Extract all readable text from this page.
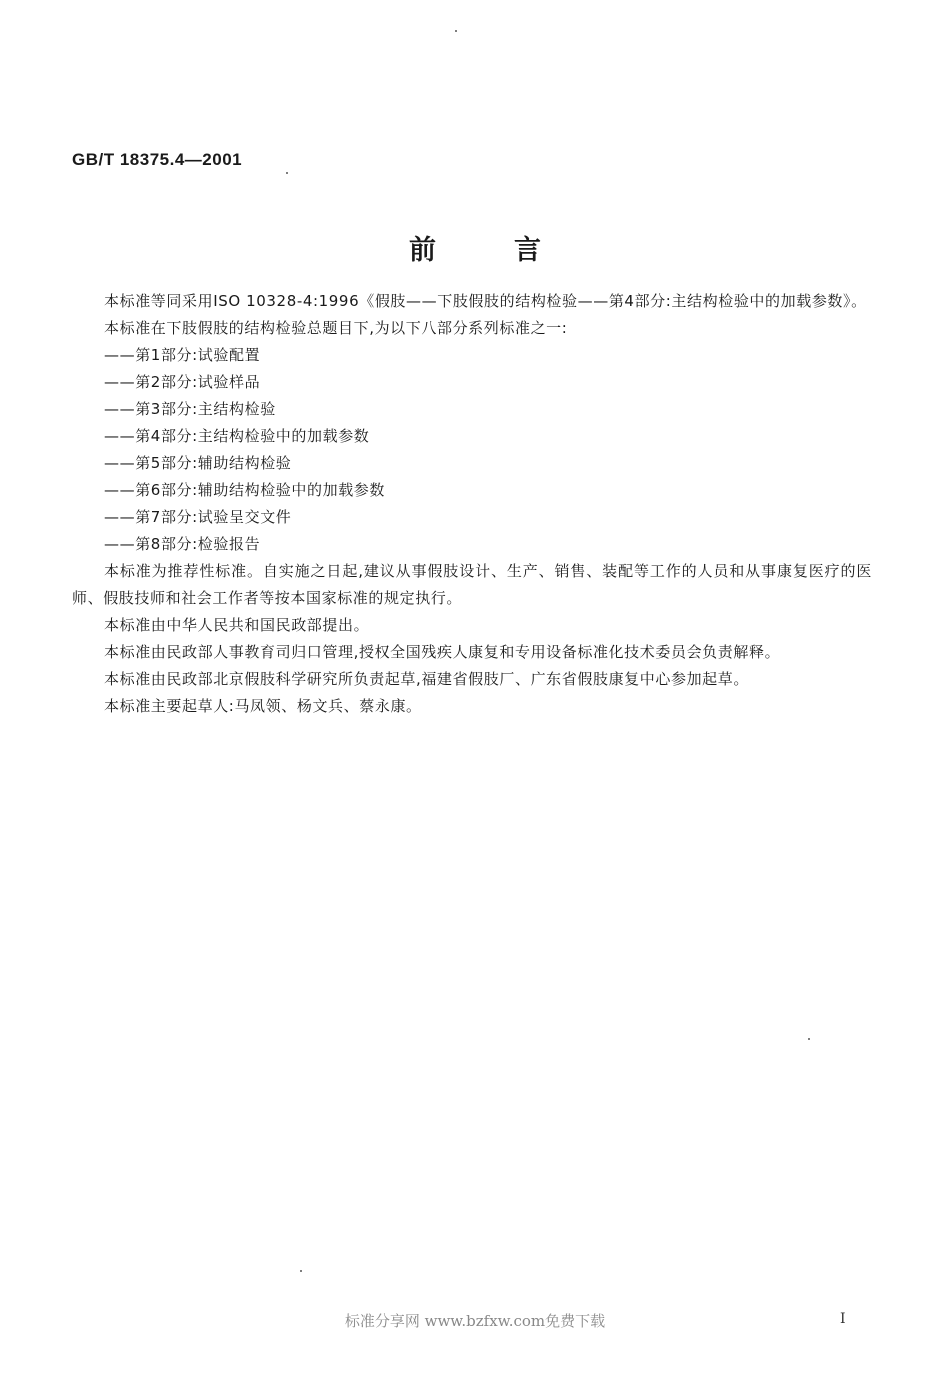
GB/T 18375.4—2001
前	言

本标准等同采用ISO 10328-4:1996《假肢——下肢假肢的结构检验——第4部分:主结构检验中的加载参数》。

本标准在下肢假肢的结构检验总题目下,为以下八部分系列标准之一:

——第1部分:试验配置
——第2部分:试验样品
——第3部分:主结构检验
——第4部分:主结构检验中的加载参数
——第5部分:辅助结构检验
——第6部分:辅助结构检验中的加载参数
——第7部分:试验呈交文件
——第8部分:检验报告

本标准为推荐性标准。自实施之日起,建议从事假肢设计、生产、销售、装配等工作的人员和从事康复医疗的医师、假肢技师和社会工作者等按本国家标准的规定执行。

本标准由中华人民共和国民政部提出。

本标准由民政部人事教育司归口管理,授权全国残疾人康复和专用设备标准化技术委员会负责解释。

本标准由民政部北京假肢科学研究所负责起草,福建省假肢厂、广东省假肢康复中心参加起草。

本标准主要起草人:马凤领、杨文兵、蔡永康。

标准分享网 www.bzfxw.com免费下载	I
